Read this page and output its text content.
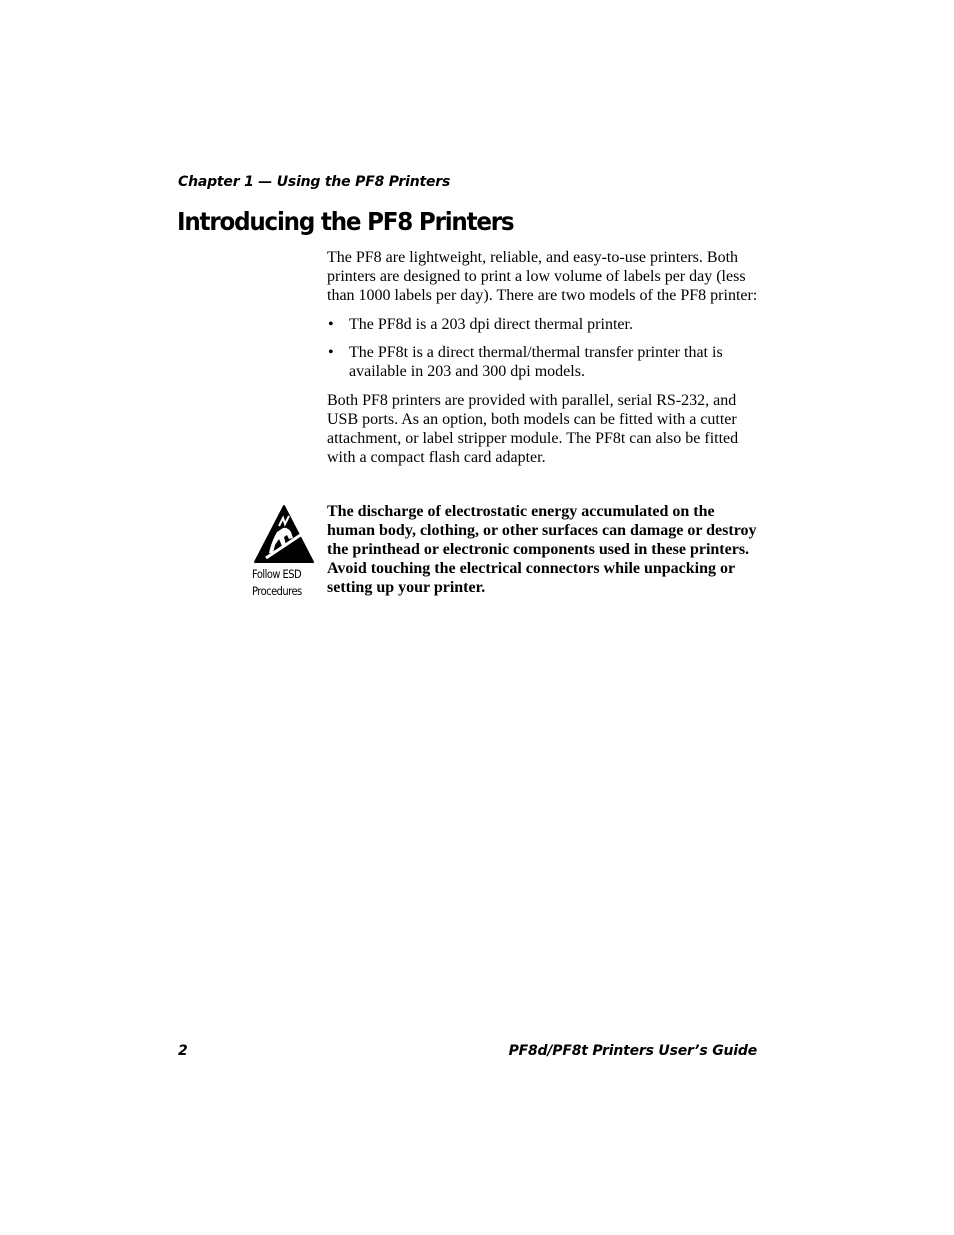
Chapter 1 — Using the PF8 Printers
Introducing the PF8 Printers

The PF8 are lightweight, reliable, and easy-to-use printers. Both printers are designed to print a low volume of labels per day (less than 1000 labels per day). There are two models of the PF8 printer:

• The PF8d is a 203 dpi direct thermal printer.
• The PF8t is a direct thermal/thermal transfer printer that is available in 203 and 300 dpi models.

Both PF8 printers are provided with parallel, serial RS-232, and USB ports. As an option, both models can be fitted with a cutter attachment, or label stripper module. The PF8t can also be fitted with a compact flash card adapter.

Follow ESD
Procedures
The discharge of electrostatic energy accumulated on the human body, clothing, or other surfaces can damage or destroy the printhead or electronic components used in these printers. Avoid touching the electrical connectors while unpacking or setting up your printer.
2	PF8d/PF8t Printers User’s Guide
